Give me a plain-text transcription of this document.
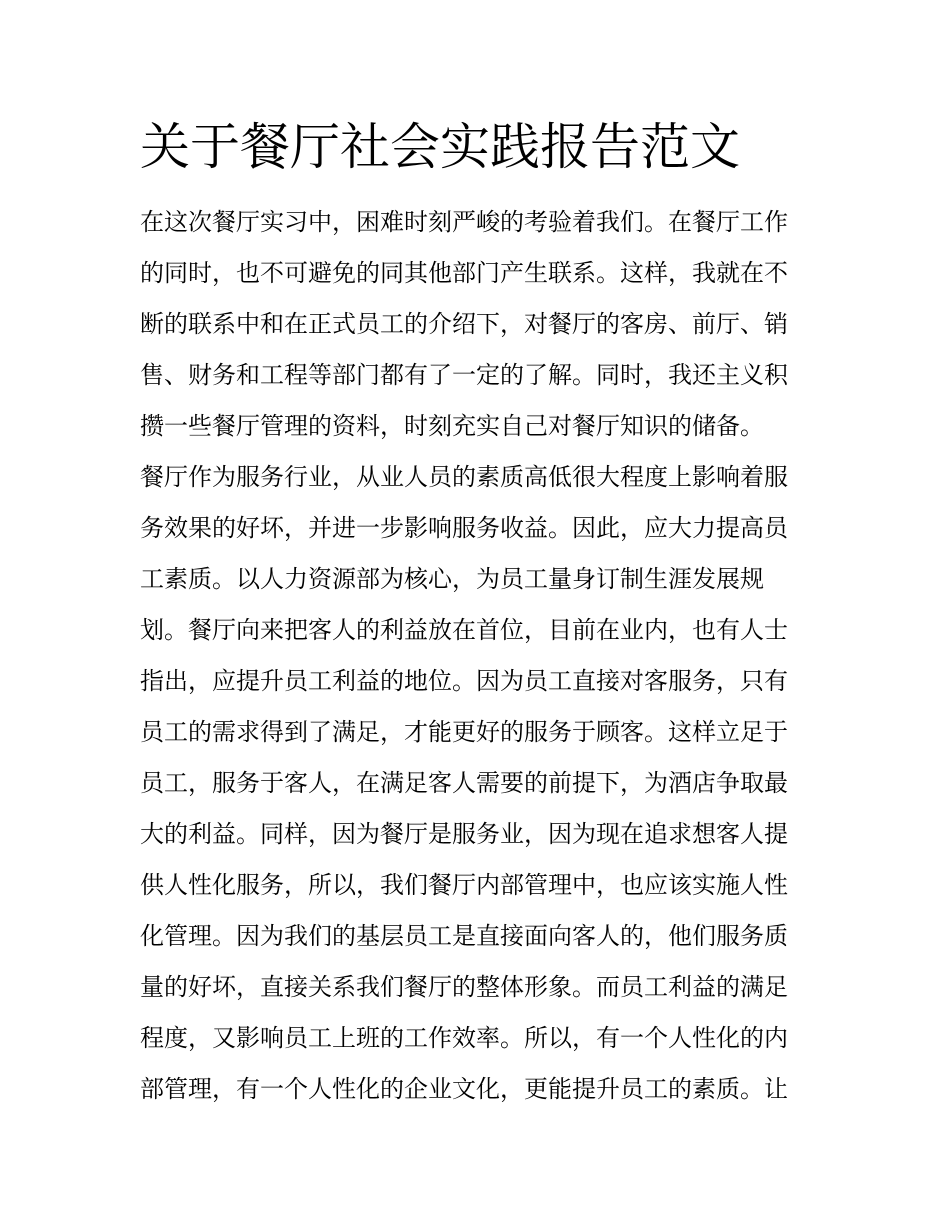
关于餐厅社会实践报告范文
在这次餐厅实习中，困难时刻严峻的考验着我们。在餐厅工作
的同时，也不可避免的同其他部门产生联系。这样，我就在不
断的联系中和在正式员工的介绍下，对餐厅的客房、前厅、销
售、财务和工程等部门都有了一定的了解。同时，我还主义积
攒一些餐厅管理的资料，时刻充实自己对餐厅知识的储备。
餐厅作为服务行业，从业人员的素质高低很大程度上影响着服
务效果的好坏，并进一步影响服务收益。因此，应大力提高员
工素质。以人力资源部为核心，为员工量身订制生涯发展规
划。餐厅向来把客人的利益放在首位，目前在业内，也有人士
指出，应提升员工利益的地位。因为员工直接对客服务，只有
员工的需求得到了满足，才能更好的服务于顾客。这样立足于
员工，服务于客人，在满足客人需要的前提下，为酒店争取最
大的利益。同样，因为餐厅是服务业，因为现在追求想客人提
供人性化服务，所以，我们餐厅内部管理中，也应该实施人性
化管理。因为我们的基层员工是直接面向客人的，他们服务质
量的好坏，直接关系我们餐厅的整体形象。而员工利益的满足
程度，又影响员工上班的工作效率。所以，有一个人性化的内
部管理，有一个人性化的企业文化，更能提升员工的素质。让
